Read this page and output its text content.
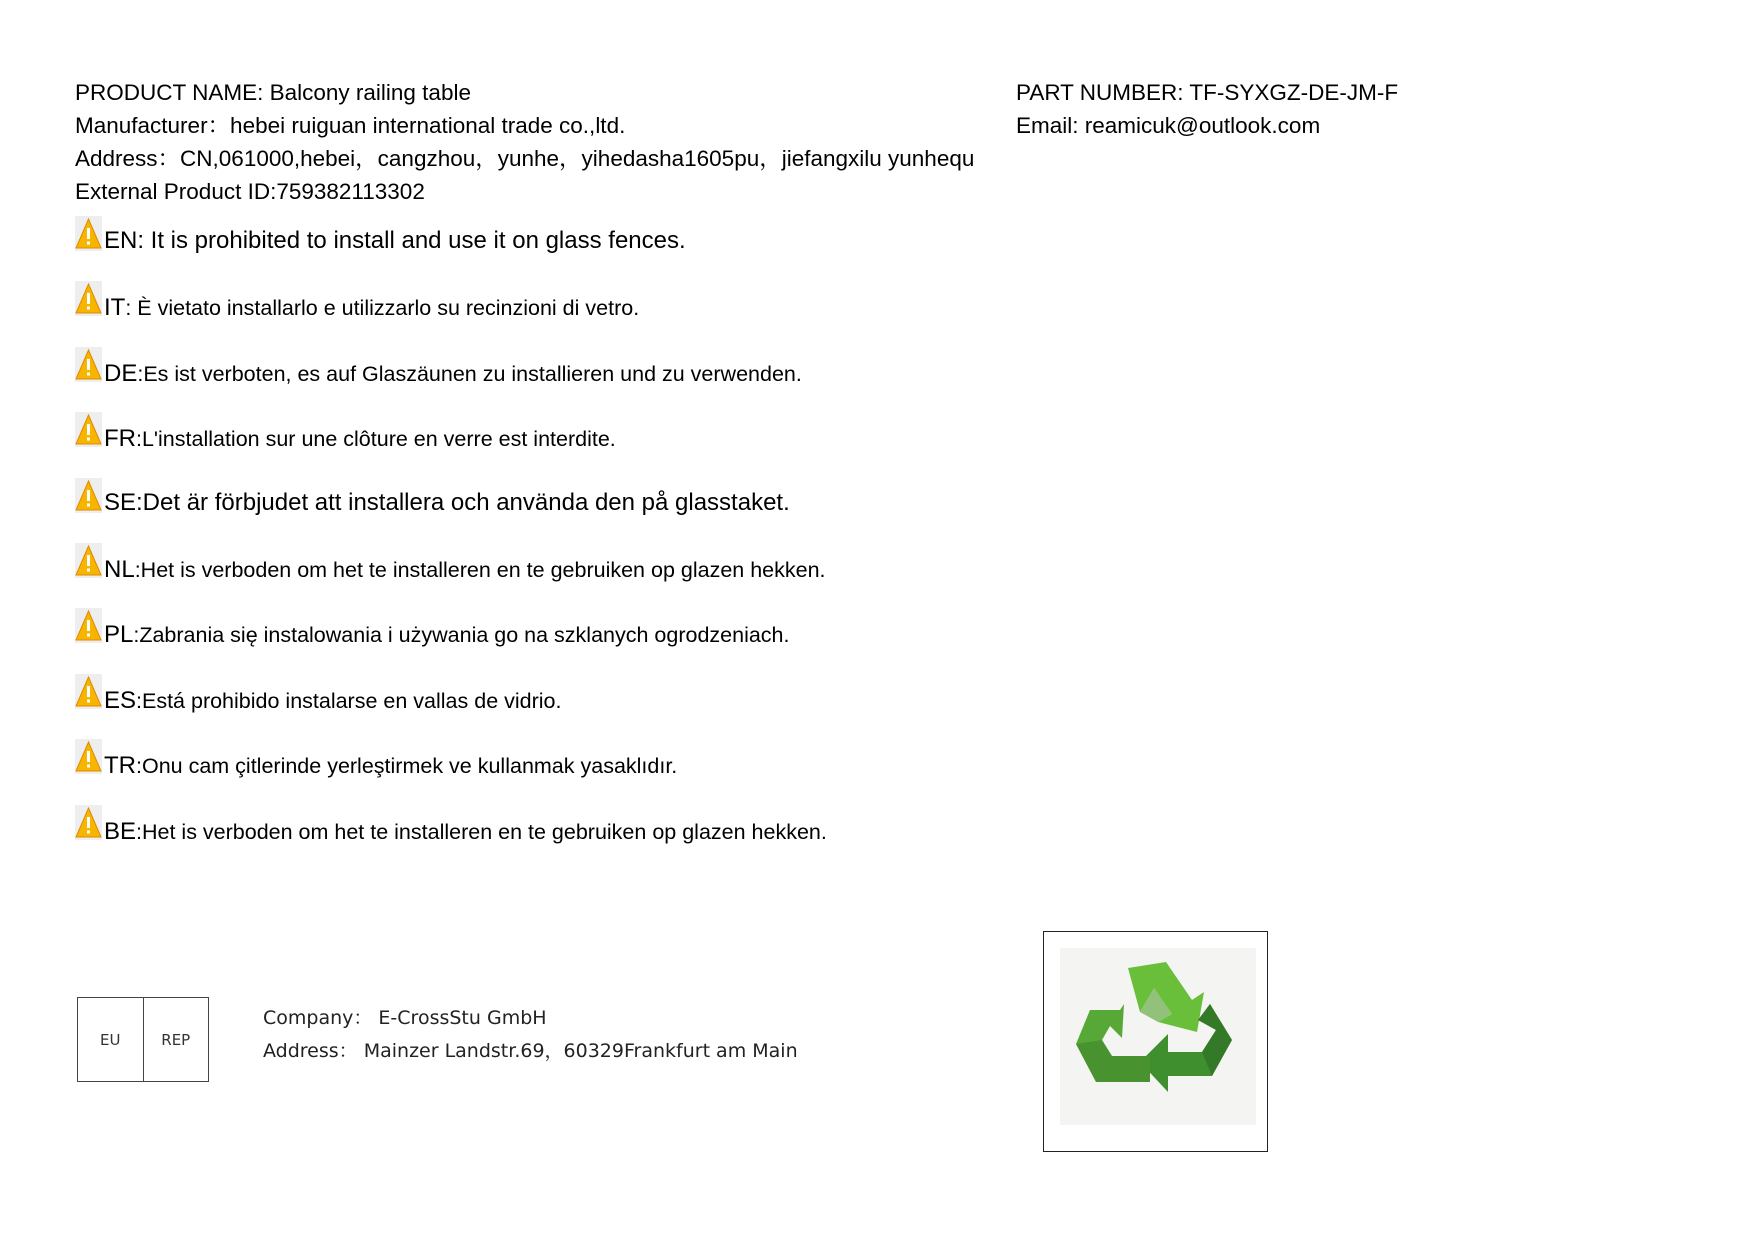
PRODUCT NAME: Balcony railing table
Manufacturer：hebei ruiguan international trade co.,ltd.
Address：CN,061000,hebei，cangzhou，yunhe，yihedasha1605pu，jiefangxilu yunhequ
External Product ID:759382113302
PART NUMBER: TF-SYXGZ-DE-JM-F
Email: reamicuk@outlook.com
EN: It is prohibited to install and use it on glass fences.
IT: È vietato installarlo e utilizzarlo su recinzioni di vetro.
DE:Es ist verboten, es auf Glaszäunen zu installieren und zu verwenden.
FR:L'installation sur une clôture en verre est interdite.
SE:Det är förbjudet att installera och använda den på glasstaket.
NL:Het is verboden om het te installeren en te gebruiken op glazen hekken.
PL:Zabrania się instalowania i używania go na szklanych ogrodzeniach.
ES:Está prohibido instalarse en vallas de vidrio.
TR:Onu cam çitlerinde yerleştirmek ve kullanmak yasaklıdır.
BE:Het is verboden om het te installeren en te gebruiken op glazen hekken.
EU	REP
Company： E-CrossStu GmbH
Address： Mainzer Landstr.69，60329Frankfurt am Main
